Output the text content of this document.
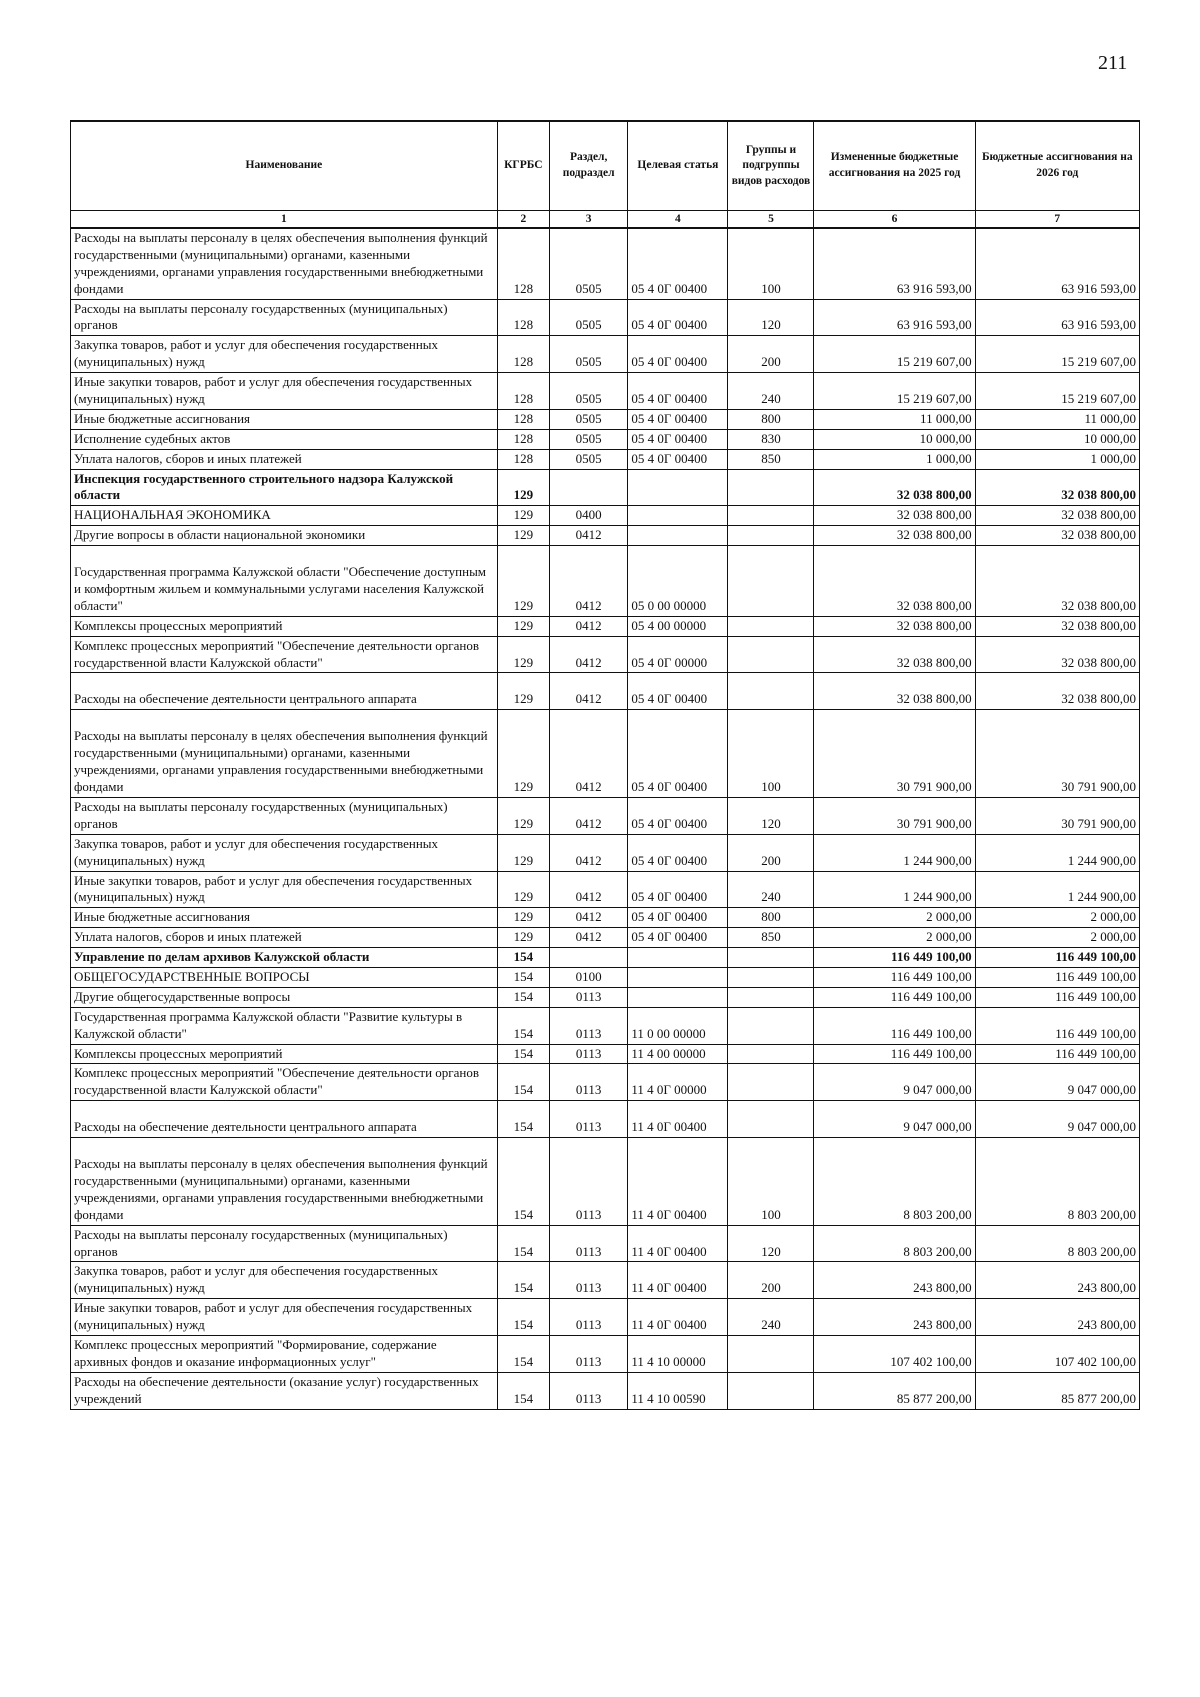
211
Наименование	КГРБС	Раздел, подраздел	Целевая статья	Группы и подгруппы видов расходов	Измененные бюджетные ассигнования на 2025 год	Бюджетные ассигнования на 2026 год
1	2	3	4	5	6	7
Расходы на выплаты персоналу в целях обеспечения выполнения функций государственными (муниципальными) органами, казенными учреждениями, органами управления государственными внебюджетными фондами	128	0505	05 4 0Г 00400	100	63 916 593,00	63 916 593,00
Расходы на выплаты персоналу государственных (муниципальных) органов	128	0505	05 4 0Г 00400	120	63 916 593,00	63 916 593,00
Закупка товаров, работ и услуг для обеспечения государственных (муниципальных) нужд	128	0505	05 4 0Г 00400	200	15 219 607,00	15 219 607,00
Иные закупки товаров, работ и услуг для обеспечения государственных (муниципальных) нужд	128	0505	05 4 0Г 00400	240	15 219 607,00	15 219 607,00
Иные бюджетные ассигнования	128	0505	05 4 0Г 00400	800	11 000,00	11 000,00
Исполнение судебных актов	128	0505	05 4 0Г 00400	830	10 000,00	10 000,00
Уплата налогов, сборов и иных платежей	128	0505	05 4 0Г 00400	850	1 000,00	1 000,00
Инспекция государственного строительного надзора Калужской области	129				32 038 800,00	32 038 800,00
НАЦИОНАЛЬНАЯ ЭКОНОМИКА	129	0400			32 038 800,00	32 038 800,00
Другие вопросы в области национальной экономики	129	0412			32 038 800,00	32 038 800,00
Государственная программа Калужской области "Обеспечение доступным и комфортным жильем и коммунальными услугами населения Калужской области"	129	0412	05 0 00 00000		32 038 800,00	32 038 800,00
Комплексы процессных мероприятий	129	0412	05 4 00 00000		32 038 800,00	32 038 800,00
Комплекс процессных мероприятий "Обеспечение деятельности органов государственной власти Калужской области"	129	0412	05 4 0Г 00000		32 038 800,00	32 038 800,00
Расходы на обеспечение деятельности центрального аппарата	129	0412	05 4 0Г 00400		32 038 800,00	32 038 800,00
Расходы на выплаты персоналу в целях обеспечения выполнения функций государственными (муниципальными) органами, казенными учреждениями, органами управления государственными внебюджетными фондами	129	0412	05 4 0Г 00400	100	30 791 900,00	30 791 900,00
Расходы на выплаты персоналу государственных (муниципальных) органов	129	0412	05 4 0Г 00400	120	30 791 900,00	30 791 900,00
Закупка товаров, работ и услуг для обеспечения государственных (муниципальных) нужд	129	0412	05 4 0Г 00400	200	1 244 900,00	1 244 900,00
Иные закупки товаров, работ и услуг для обеспечения государственных (муниципальных) нужд	129	0412	05 4 0Г 00400	240	1 244 900,00	1 244 900,00
Иные бюджетные ассигнования	129	0412	05 4 0Г 00400	800	2 000,00	2 000,00
Уплата налогов, сборов и иных платежей	129	0412	05 4 0Г 00400	850	2 000,00	2 000,00
Управление по делам архивов Калужской области	154				116 449 100,00	116 449 100,00
ОБЩЕГОСУДАРСТВЕННЫЕ ВОПРОСЫ	154	0100			116 449 100,00	116 449 100,00
Другие общегосударственные вопросы	154	0113			116 449 100,00	116 449 100,00
Государственная программа Калужской области "Развитие культуры в Калужской области"	154	0113	11 0 00 00000		116 449 100,00	116 449 100,00
Комплексы процессных мероприятий	154	0113	11 4 00 00000		116 449 100,00	116 449 100,00
Комплекс процессных мероприятий "Обеспечение деятельности органов государственной власти Калужской области"	154	0113	11 4 0Г 00000		9 047 000,00	9 047 000,00
Расходы на обеспечение деятельности центрального аппарата	154	0113	11 4 0Г 00400		9 047 000,00	9 047 000,00
Расходы на выплаты персоналу в целях обеспечения выполнения функций государственными (муниципальными) органами, казенными учреждениями, органами управления государственными внебюджетными фондами	154	0113	11 4 0Г 00400	100	8 803 200,00	8 803 200,00
Расходы на выплаты персоналу государственных (муниципальных) органов	154	0113	11 4 0Г 00400	120	8 803 200,00	8 803 200,00
Закупка товаров, работ и услуг для обеспечения государственных (муниципальных) нужд	154	0113	11 4 0Г 00400	200	243 800,00	243 800,00
Иные закупки товаров, работ и услуг для обеспечения государственных (муниципальных) нужд	154	0113	11 4 0Г 00400	240	243 800,00	243 800,00
Комплекс процессных мероприятий "Формирование, содержание архивных фондов и оказание информационных услуг"	154	0113	11 4 10 00000		107 402 100,00	107 402 100,00
Расходы на обеспечение деятельности (оказание услуг) государственных учреждений	154	0113	11 4 10 00590		85 877 200,00	85 877 200,00
